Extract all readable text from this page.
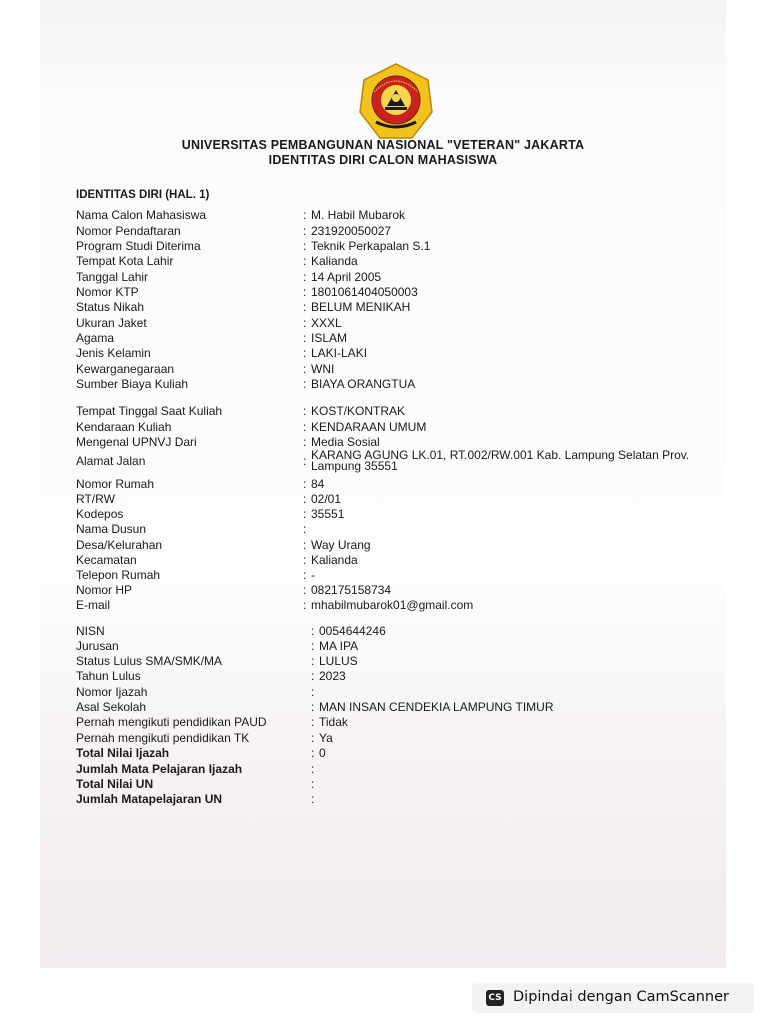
UNIVERSITAS PEMBANGUNAN NASIONAL "VETERAN" JAKARTA
IDENTITAS DIRI CALON MAHASISWA
IDENTITAS DIRI (HAL. 1)
Nama Calon Mahasiswa	: M. Habil Mubarok
Nomor Pendaftaran	: 231920050027
Program Studi Diterima	: Teknik Perkapalan S.1
Tempat Kota Lahir	: Kalianda
Tanggal Lahir	: 14 April 2005
Nomor KTP	: 1801061404050003
Status Nikah	: BELUM MENIKAH
Ukuran Jaket	: XXXL
Agama	: ISLAM
Jenis Kelamin	: LAKI-LAKI
Kewarganegaraan	: WNI
Sumber Biaya Kuliah	: BIAYA ORANGTUA
Tempat Tinggal Saat Kuliah	: KOST/KONTRAK
Kendaraan Kuliah	: KENDARAAN UMUM
Mengenal UPNVJ Dari	: Media Sosial
Alamat Jalan	: KARANG AGUNG LK.01, RT.002/RW.001 Kab. Lampung Selatan Prov. Lampung 35551
Nomor Rumah	: 84
RT/RW	: 02/01
Kodepos	: 35551
Nama Dusun	:
Desa/Kelurahan	: Way Urang
Kecamatan	: Kalianda
Telepon Rumah	: -
Nomor HP	: 082175158734
E-mail	: mhabilmubarok01@gmail.com
NISN	: 0054644246
Jurusan	: MA IPA
Status Lulus SMA/SMK/MA	: LULUS
Tahun Lulus	: 2023
Nomor Ijazah	:
Asal Sekolah	: MAN INSAN CENDEKIA LAMPUNG TIMUR
Pernah mengikuti pendidikan PAUD	: Tidak
Pernah mengikuti pendidikan TK	: Ya
Total Nilai Ijazah	: 0
Jumlah Mata Pelajaran Ijazah	:
Total Nilai UN	:
Jumlah Matapelajaran UN	:
CS Dipindai dengan CamScanner
